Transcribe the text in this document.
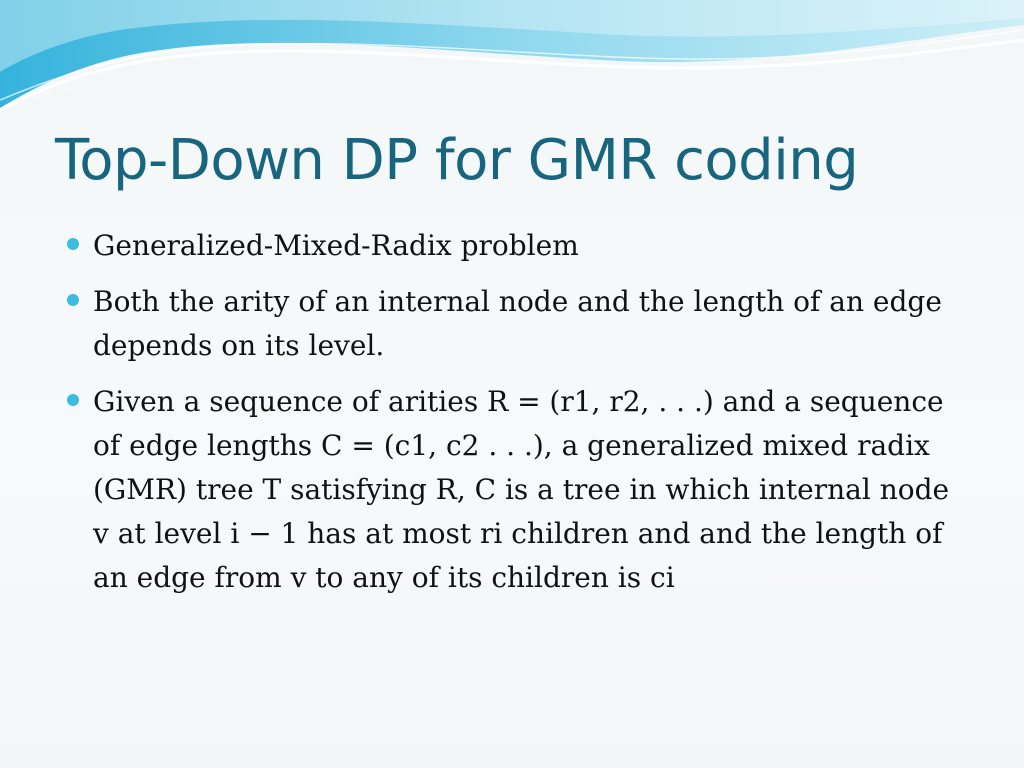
Top-Down DP for GMR coding
Generalized-Mixed-Radix problem
Both the arity of an internal node and the length of an edge depends on its level.
Given a sequence of arities R = (r1, r2, . . .) and a sequence of edge lengths C = (c1, c2 . . .), a generalized mixed radix (GMR) tree T satisfying R, C is a tree in which internal node v at level i − 1 has at most ri children and and the length of an edge from v to any of its children is ci
